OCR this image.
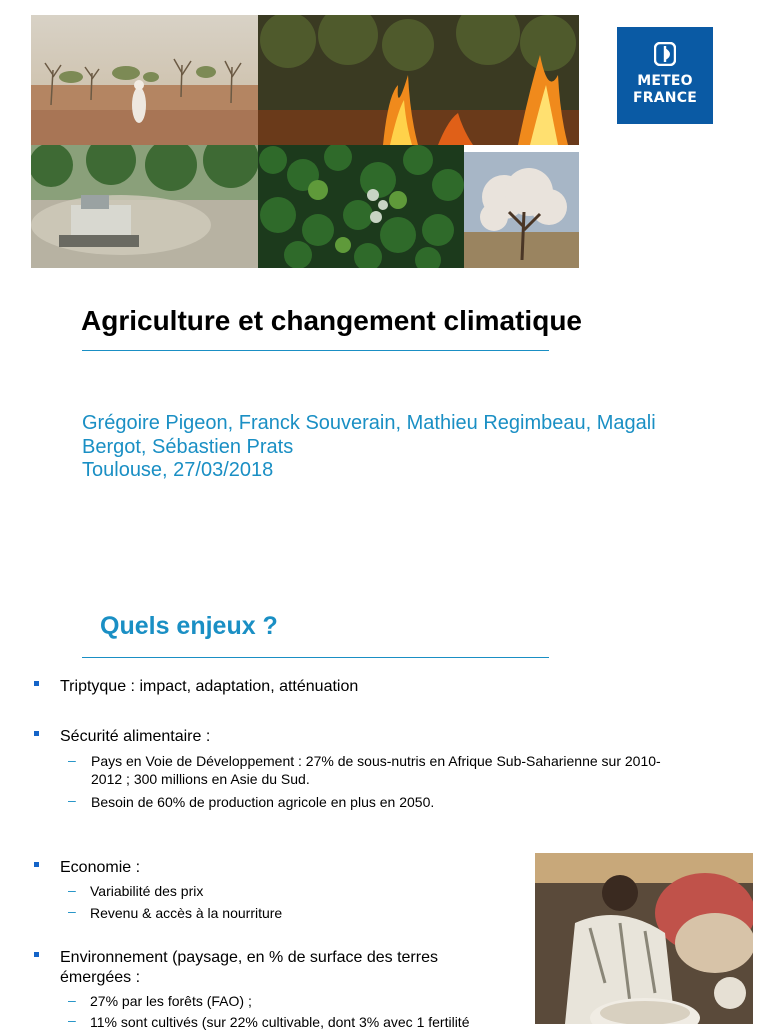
METEO
FRANCE
Agriculture et changement climatique
Grégoire Pigeon, Franck Souverain, Mathieu Regimbeau, Magali
Bergot, Sébastien Prats
Toulouse, 27/03/2018
Quels enjeux ?
Triptyque : impact, adaptation, atténuation
Sécurité alimentaire :
– Pays en Voie de Développement : 27% de sous-nutris en Afrique Sub-Saharienne sur 2010-
2012 ; 300 millions en Asie du Sud.
– Besoin de 60% de production agricole en plus en 2050.
Economie :
– Variabilité des prix
– Revenu & accès à la nourriture
Environnement (paysage, en % de surface des terres
émergées :
– 27% par les forêts (FAO) ;
– 11% sont cultivés (sur 22% cultivable, dont 3% avec 1 fertilité
